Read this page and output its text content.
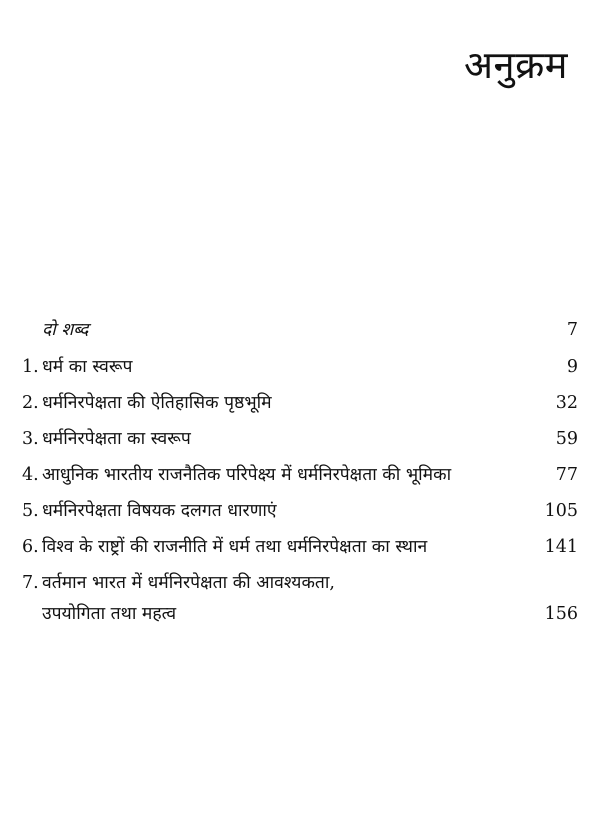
अनुक्रम
दो शब्द	7
1. धर्म का स्वरूप	9
2. धर्मनिरपेक्षता की ऐतिहासिक पृष्ठभूमि	32
3. धर्मनिरपेक्षता का स्वरूप	59
4. आधुनिक भारतीय राजनैतिक परिपेक्ष्य में धर्मनिरपेक्षता की भूमिका	77
5. धर्मनिरपेक्षता विषयक दलगत धारणाएं	105
6. विश्व के राष्ट्रों की राजनीति में धर्म तथा धर्मनिरपेक्षता का स्थान	141
7. वर्तमान भारत में धर्मनिरपेक्षता की आवश्यकता,
उपयोगिता तथा महत्व	156
